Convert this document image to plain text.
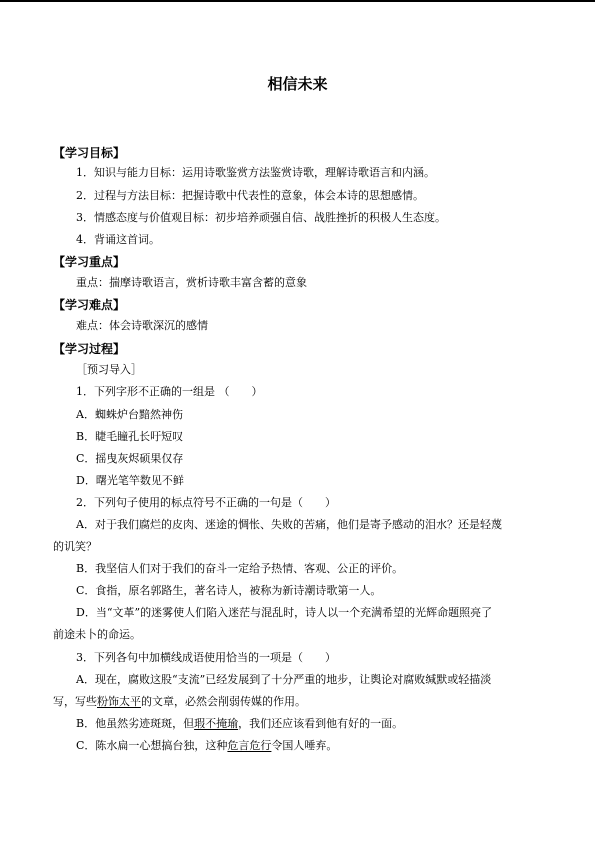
相信未来
【学习目标】
1．知识与能力目标：运用诗歌鉴赏方法鉴赏诗歌，理解诗歌语言和内涵。
2．过程与方法目标：把握诗歌中代表性的意象，体会本诗的思想感情。
3．情感态度与价值观目标：初步培养顽强自信、战胜挫折的积极人生态度。
4．背诵这首词。
【学习重点】
重点：揣摩诗歌语言，赏析诗歌丰富含蓄的意象
【学习难点】
难点：体会诗歌深沉的感情
【学习过程】
［预习导入］
1．下列字形不正确的一组是 （　　）
A．蜘蛛炉台黯然神伤
B．睫毛瞳孔长吁短叹
C．摇曳灰烬硕果仅存
D．曙光笔竿数见不鲜
2．下列句子使用的标点符号不正确的一句是（　　）
A．对于我们腐烂的皮肉、迷途的惆怅、失败的苦痛，他们是寄予感动的泪水？还是轻蔑
的讥笑？
B．我坚信人们对于我们的奋斗一定给予热情、客观、公正的评价。
C．食指，原名郭路生，著名诗人，被称为新诗潮诗歌第一人。
D．当“文革”的迷雾使人们陷入迷茫与混乱时，诗人以一个充满希望的光辉命题照亮了
前途未卜的命运。
3．下列各句中加横线成语使用恰当的一项是（　　）
A．现在，腐败这股“支流”已经发展到了十分严重的地步，让舆论对腐败缄默或轻描淡
写，写些粉饰太平的文章，必然会削弱传媒的作用。
B．他虽然劣迹斑斑，但瑕不掩瑜，我们还应该看到他有好的一面。
C．陈水扁一心想搞台独，这种危言危行令国人唾弃。
